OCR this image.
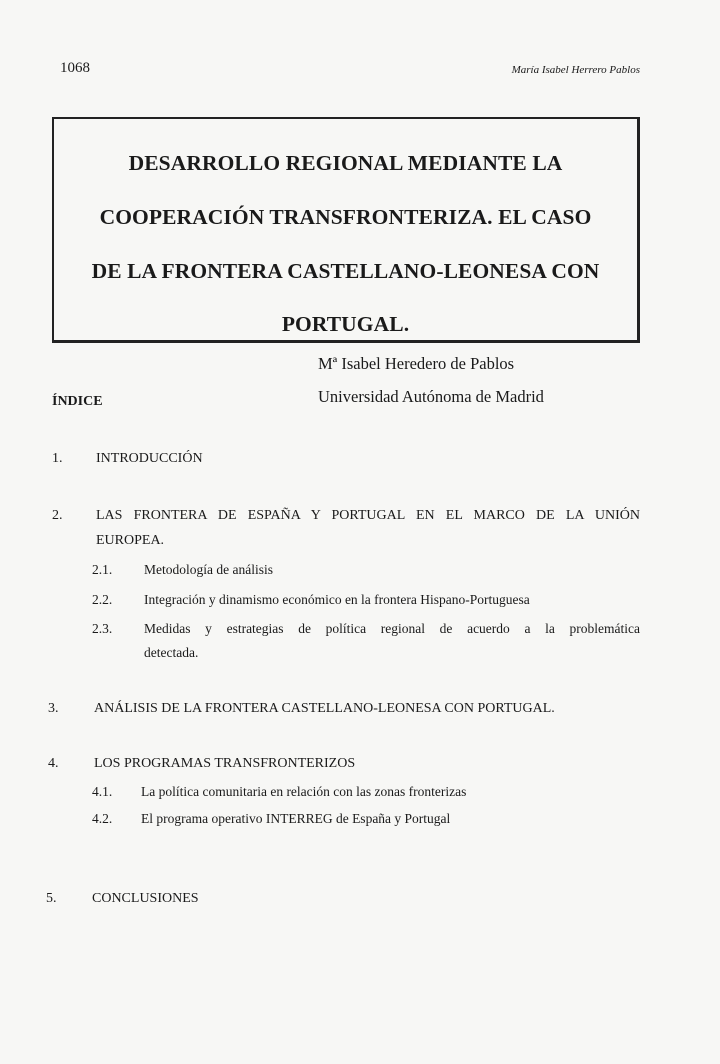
1068	María Isabel Herrero Pablos
DESARROLLO REGIONAL MEDIANTE LA
COOPERACIÓN TRANSFRONTERIZA. EL CASO
DE LA FRONTERA CASTELLANO-LEONESA CON
PORTUGAL.
Mª Isabel Heredero de Pablos
Universidad Autónoma de Madrid
ÍNDICE
1. INTRODUCCIÓN
2. LAS FRONTERA DE ESPAÑA Y PORTUGAL EN EL MARCO DE LA UNIÓN
EUROPEA.
2.1. Metodología de análisis
2.2. Integración y dinamismo económico en la frontera Hispano-Portuguesa
2.3. Medidas y estrategias de política regional de acuerdo a la problemática
detectada.
3.	ANÁLISIS DE LA FRONTERA CASTELLANO-LEONESA CON PORTUGAL.
4.	LOS PROGRAMAS TRANSFRONTERIZOS
4.1. La política comunitaria en relación con las zonas fronterizas
4.2. El programa operativo INTERREG de España y Portugal
5.	CONCLUSIONES
